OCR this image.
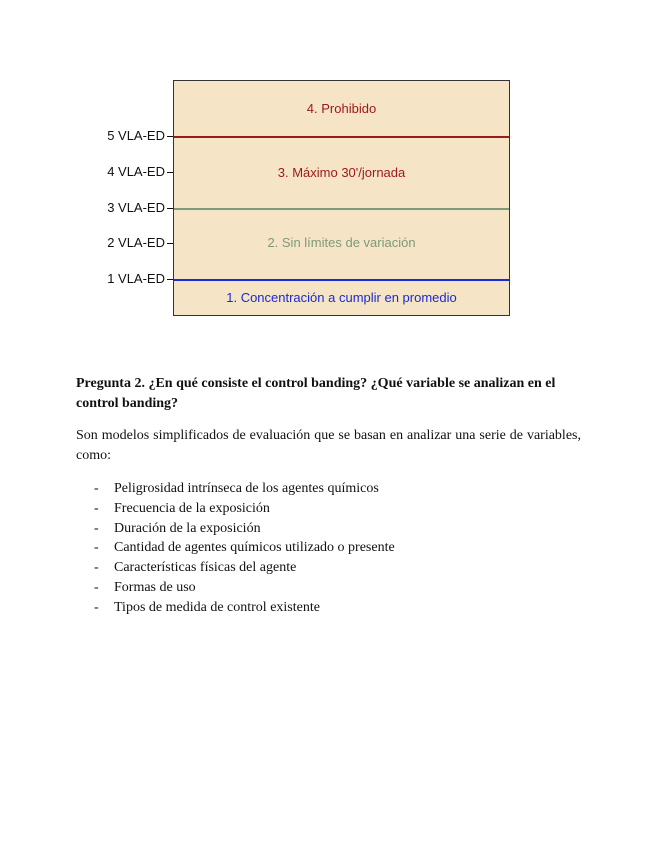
5 VLA-ED
4 VLA-ED
3 VLA-ED
2 VLA-ED
1 VLA-ED
4. Prohibido
3. Máximo 30'/jornada
2. Sin límites de variación
1. Concentración a cumplir en promedio

Pregunta 2. ¿En qué consiste el control banding? ¿Qué variable se analizan en el control banding?

Son modelos simplificados de evaluación que se basan en analizar una serie de variables, como:

- Peligrosidad intrínseca de los agentes químicos
- Frecuencia de la exposición
- Duración de la exposición
- Cantidad de agentes químicos utilizado o presente
- Características físicas del agente
- Formas de uso
- Tipos de medida de control existente
